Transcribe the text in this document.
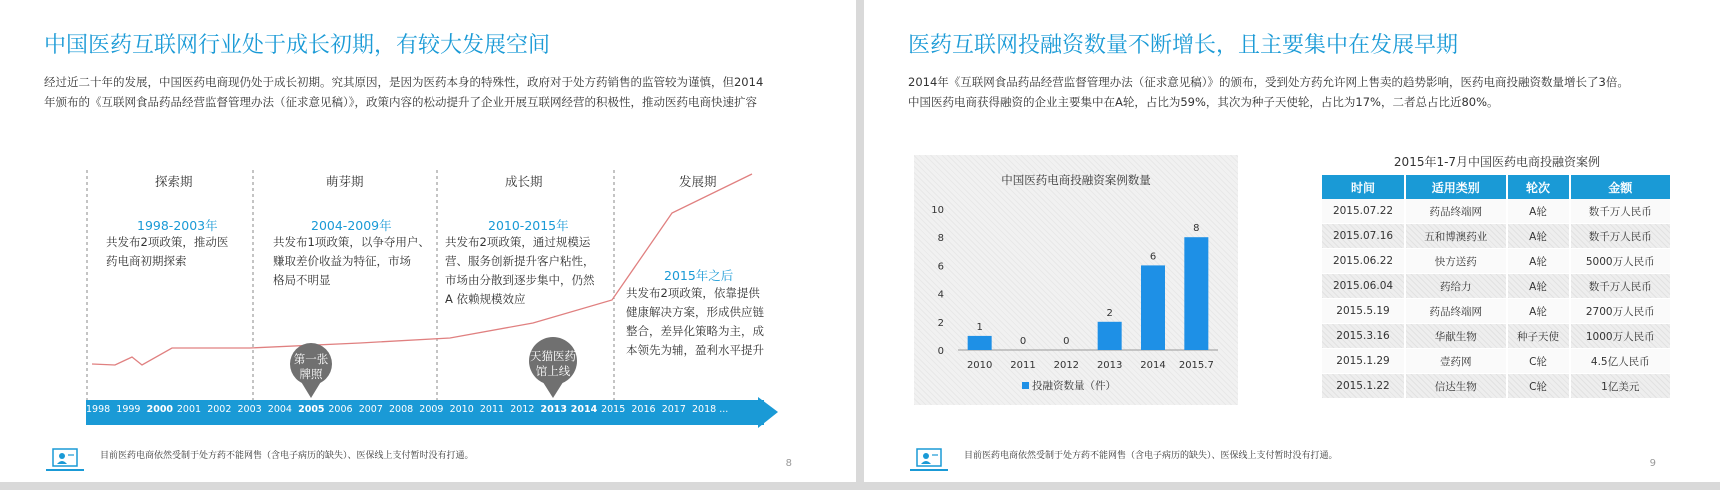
中国医药互联网行业处于成长初期，有较大发展空间

经过近二十年的发展，中国医药电商现仍处于成长初期。究其原因，是因为医药本身的特殊性，政府对于处方药销售的监管较为谨慎，但2014

年颁布的《互联网食品药品经营监督管理办法（征求意见稿）》，政策内容的松动提升了企业开展互联网经营的积极性，推动医药电商快速扩容

探索期	萌芽期	成长期	发展期
1998-2003年	2004-2009年	2010-2015年
2015年之后
共发布2项政策，推动医
药电商初期探索
共发布1项政策，以争夺用户、
赚取差价收益为特征，市场
格局不明显
共发布2项政策，通过规模运
营、服务创新提升客户粘性，
市场由分散到逐步集中，仍然
A 依赖规模效应	共发布2项政策，依靠提供
健康解决方案，形成供应链
整合，差异化策略为主，成
本领先为辅，盈利水平提升
第一张
牌照
天猫医药
馆上线
1998 1999 2000 2001 2002 2003 2004 2005 2006 2007 2008 2009 2010 2011 2012 2013 2014 2015 2016 2017 2018 ...
目前医药电商依然受制于处方药不能网售（含电子病历的缺失）、医保线上支付暂时没有打通。
8
医药互联网投融资数量不断增长，且主要集中在发展早期

2014年《互联网食品药品经营监督管理办法（征求意见稿）》的颁布，受到处方药允许网上售卖的趋势影响，医药电商投融资数量增长了3倍。

中国医药电商获得融资的企业主要集中在A轮，占比为59%，其次为种子天使轮，占比为17%，二者总占比近80%。

中国医药电商投融资案例数量
0
2
4
6
8
10
1
2010
0
2011
0
2012
2
2013
6
2014
8
2015.7
投融资数量（件）
2015年1-7月中国医药电商投融资案例
时间	适用类别	轮次	金额
2015.07.22	药品终端网	A轮	数千万人民币
2015.07.16	五和博澳药业	A轮	数千万人民币
2015.06.22	快方送药	A轮	5000万人民币
2015.06.04	药给力	A轮	数千万人民币
2015.5.19	药品终端网	A轮	2700万人民币
2015.3.16	华献生物	种子天使	1000万人民币
2015.1.29	壹药网	C轮	4.5亿人民币
2015.1.22	信达生物	C轮	1亿美元
目前医药电商依然受制于处方药不能网售（含电子病历的缺失）、医保线上支付暂时没有打通。
9
